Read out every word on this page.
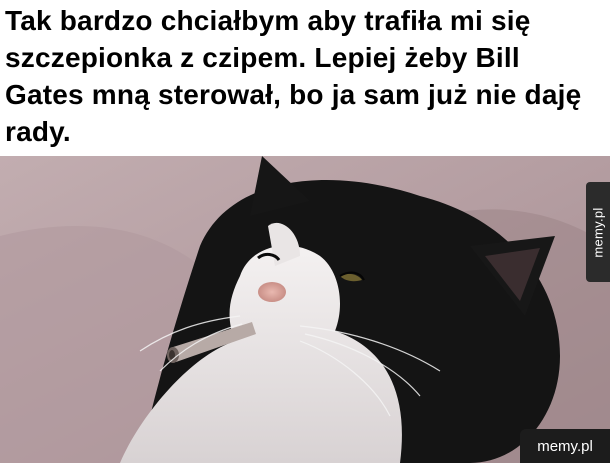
Tak bardzo chciałbym aby trafiła mi się szczepionka z czipem. Lepiej żeby Bill Gates mną sterował, bo ja sam już nie daję rady.

memy.pl
memy.pl
